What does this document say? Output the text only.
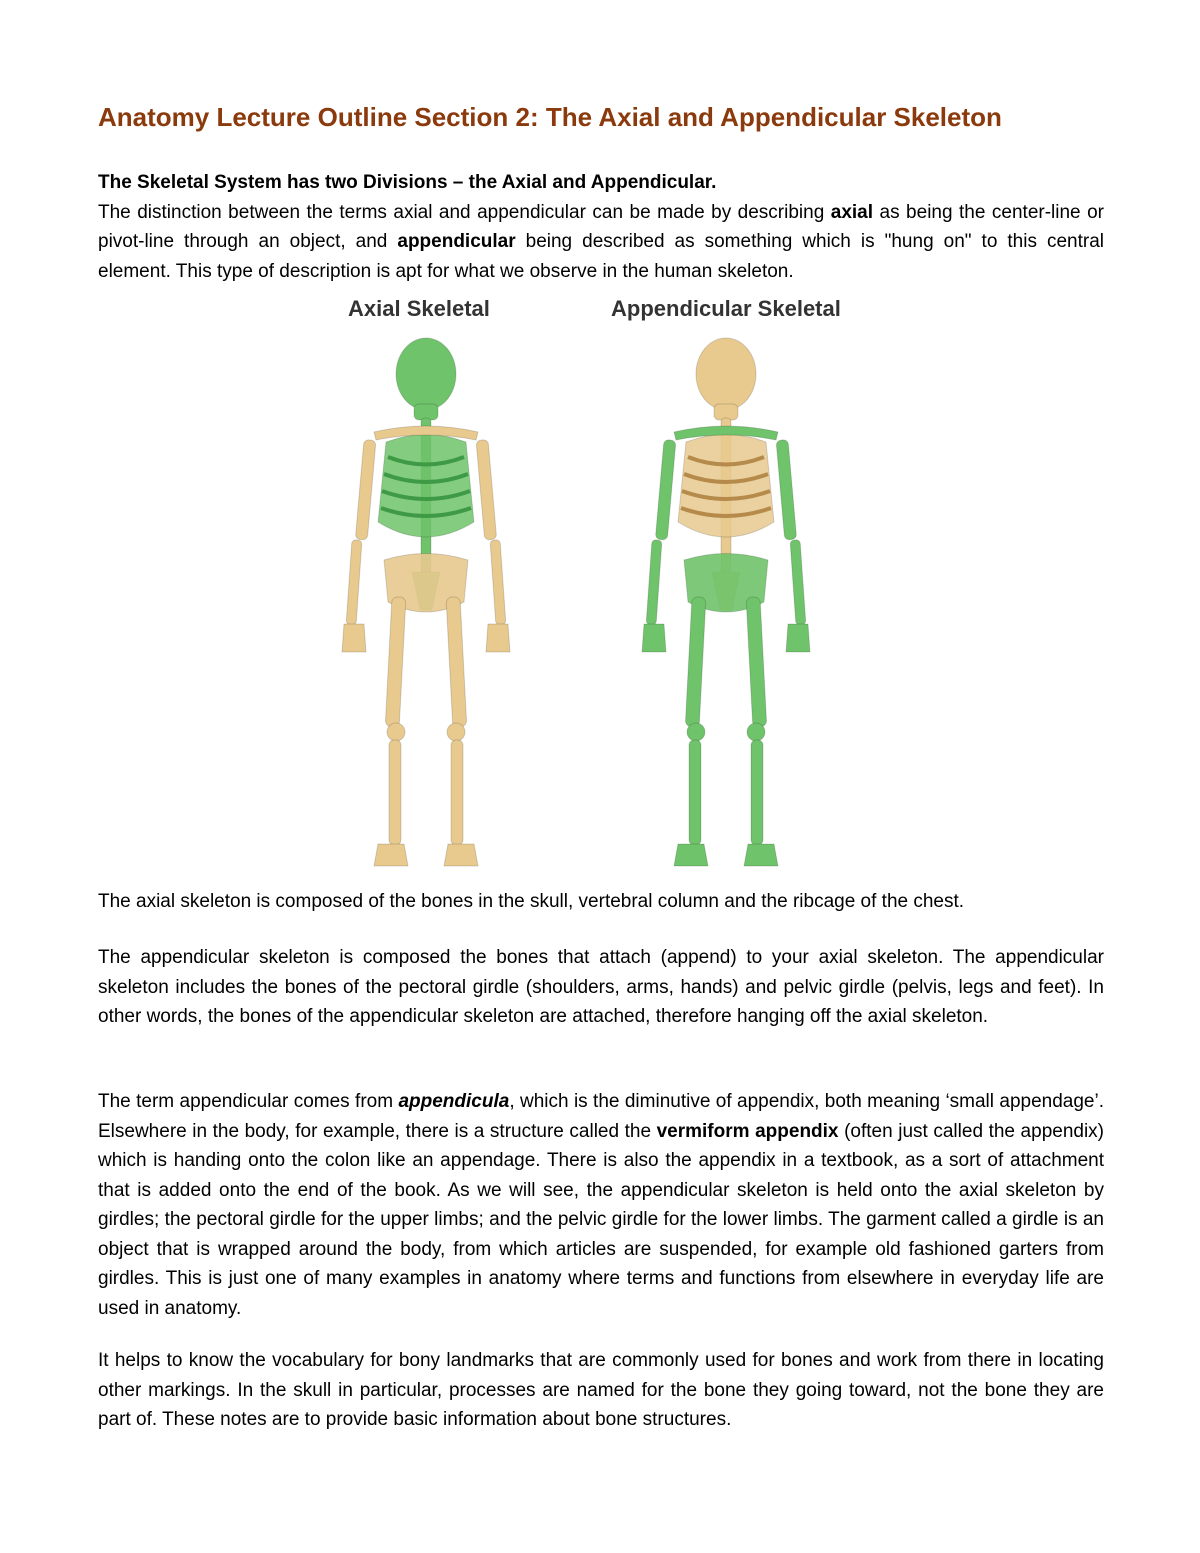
Anatomy Lecture Outline Section 2: The Axial and Appendicular Skeleton
The Skeletal System has two Divisions – the Axial and Appendicular.
The distinction between the terms axial and appendicular can be made by describing axial as being the center-line or pivot-line through an object, and appendicular being described as something which is "hung on" to this central element. This type of description is apt for what we observe in the human skeleton.
Axial Skeletal	Appendicular Skeletal
The axial skeleton is composed of the bones in the skull, vertebral column and the ribcage of the chest.
The appendicular skeleton is composed the bones that attach (append) to your axial skeleton. The appendicular skeleton includes the bones of the pectoral girdle (shoulders, arms, hands) and pelvic girdle (pelvis, legs and feet). In other words, the bones of the appendicular skeleton are attached, therefore hanging off the axial skeleton.
The term appendicular comes from appendicula, which is the diminutive of appendix, both meaning ‘small appendage’. Elsewhere in the body, for example, there is a structure called the vermiform appendix (often just called the appendix) which is handing onto the colon like an appendage. There is also the appendix in a textbook, as a sort of attachment that is added onto the end of the book. As we will see, the appendicular skeleton is held onto the axial skeleton by girdles; the pectoral girdle for the upper limbs; and the pelvic girdle for the lower limbs. The garment called a girdle is an object that is wrapped around the body, from which articles are suspended, for example old fashioned garters from girdles. This is just one of many examples in anatomy where terms and functions from elsewhere in everyday life are used in anatomy.
It helps to know the vocabulary for bony landmarks that are commonly used for bones and work from there in locating other markings. In the skull in particular, processes are named for the bone they going toward, not the bone they are part of. These notes are to provide basic information about bone structures.
